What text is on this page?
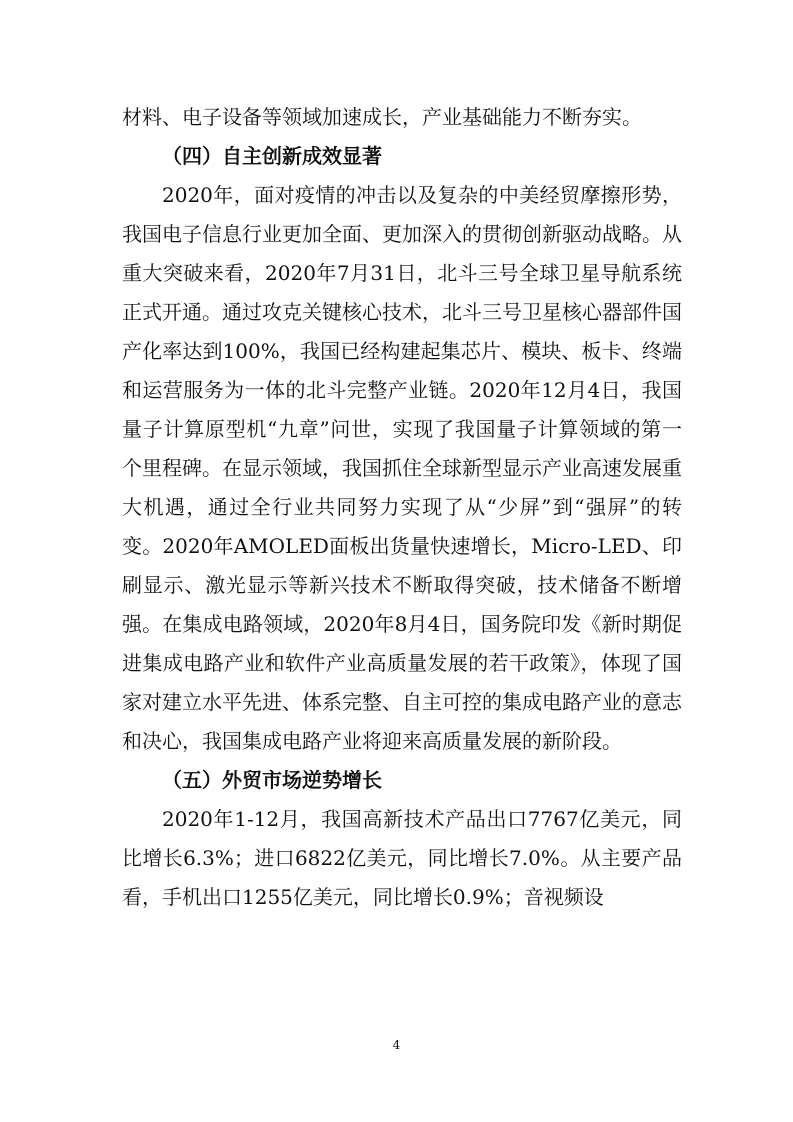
材料、电子设备等领域加速成长，产业基础能力不断夯实。

（四）自主创新成效显著

2020年，面对疫情的冲击以及复杂的中美经贸摩擦形势，我国电子信息行业更加全面、更加深入的贯彻创新驱动战略。从重大突破来看，2020年7月31日，北斗三号全球卫星导航系统正式开通。通过攻克关键核心技术，北斗三号卫星核心器部件国产化率达到100%，我国已经构建起集芯片、模块、板卡、终端和运营服务为一体的北斗完整产业链。2020年12月4日，我国量子计算原型机“九章”问世，实现了我国量子计算领域的第一个里程碑。在显示领域，我国抓住全球新型显示产业高速发展重大机遇，通过全行业共同努力实现了从“少屏”到“强屏”的转变。2020年AMOLED面板出货量快速增长，Micro-LED、印刷显示、激光显示等新兴技术不断取得突破，技术储备不断增强。在集成电路领域，2020年8月4日，国务院印发《新时期促进集成电路产业和软件产业高质量发展的若干政策》，体现了国家对建立水平先进、体系完整、自主可控的集成电路产业的意志和决心，我国集成电路产业将迎来高质量发展的新阶段。

（五）外贸市场逆势增长

2020年1-12月，我国高新技术产品出口7767亿美元，同比增长6.3%；进口6822亿美元，同比增长7.0%。从主要产品看，手机出口1255亿美元，同比增长0.9%；音视频设

4
